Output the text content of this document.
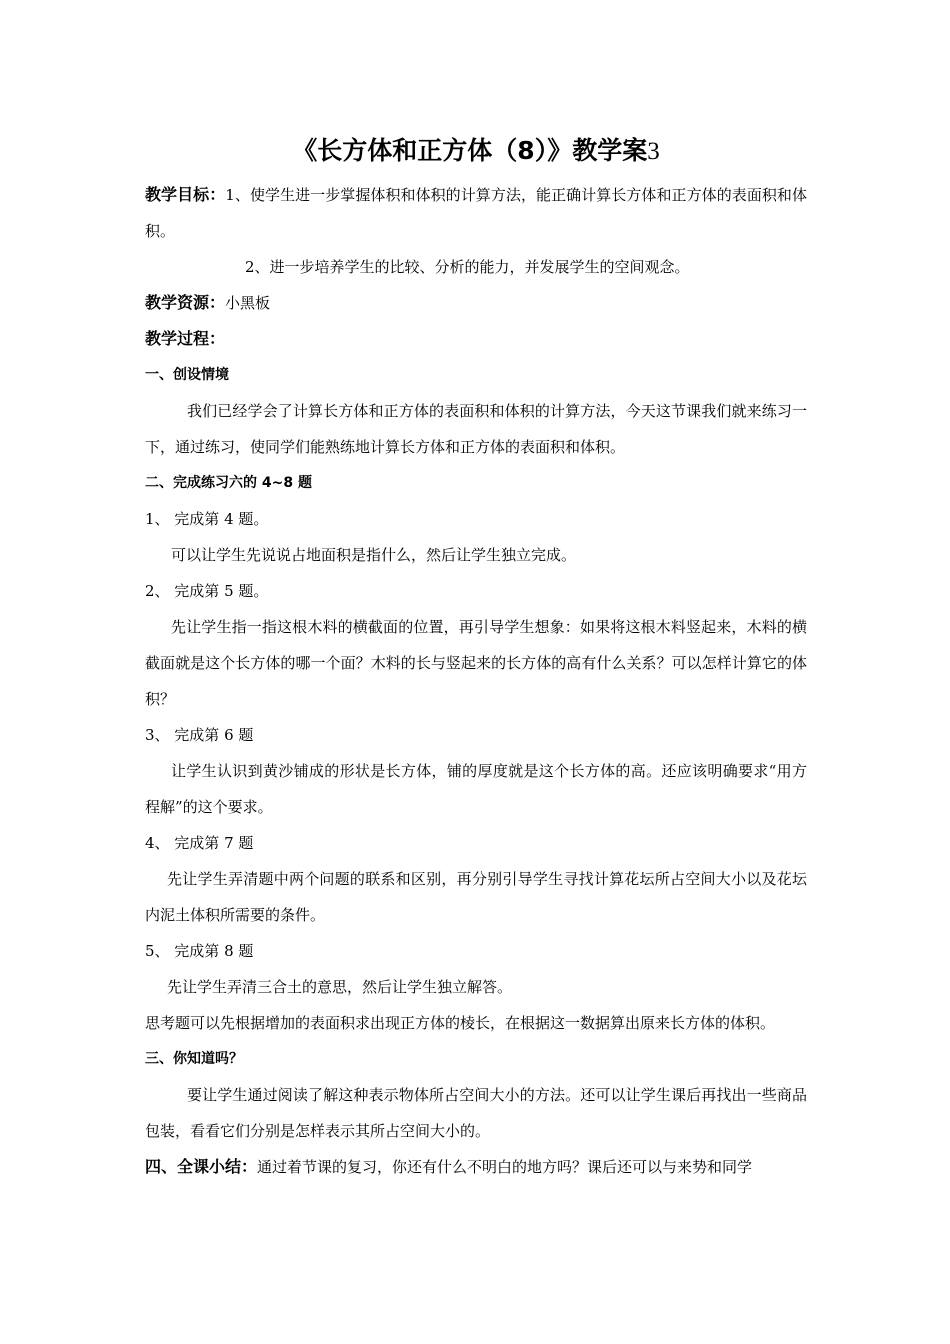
《长方体和正方体（8）》教学案3

教学目标：1、使学生进一步掌握体积和体积的计算方法，能正确计算长方体和正方体的表面积和体积。

2、进一步培养学生的比较、分析的能力，并发展学生的空间观念。

教学资源：小黑板

教学过程：

一、创设情境

我们已经学会了计算长方体和正方体的表面积和体积的计算方法，今天这节课我们就来练习一下，通过练习，使同学们能熟练地计算长方体和正方体的表面积和体积。

二、完成练习六的 4~8 题

1、 完成第 4 题。

可以让学生先说说占地面积是指什么，然后让学生独立完成。

2、 完成第 5 题。

先让学生指一指这根木料的横截面的位置，再引导学生想象：如果将这根木料竖起来，木料的横截面就是这个长方体的哪一个面？木料的长与竖起来的长方体的高有什么关系？可以怎样计算它的体积？

3、 完成第 6 题

让学生认识到黄沙铺成的形状是长方体，铺的厚度就是这个长方体的高。还应该明确要求“用方程解”的这个要求。

4、 完成第 7 题

先让学生弄清题中两个问题的联系和区别，再分别引导学生寻找计算花坛所占空间大小以及花坛内泥土体积所需要的条件。

5、 完成第 8 题

先让学生弄清三合土的意思，然后让学生独立解答。

思考题可以先根据增加的表面积求出现正方体的棱长，在根据这一数据算出原来长方体的体积。

三、你知道吗？

要让学生通过阅读了解这种表示物体所占空间大小的方法。还可以让学生课后再找出一些商品包装，看看它们分别是怎样表示其所占空间大小的。

四、全课小结：通过着节课的复习，你还有什么不明白的地方吗？课后还可以与来势和同学
